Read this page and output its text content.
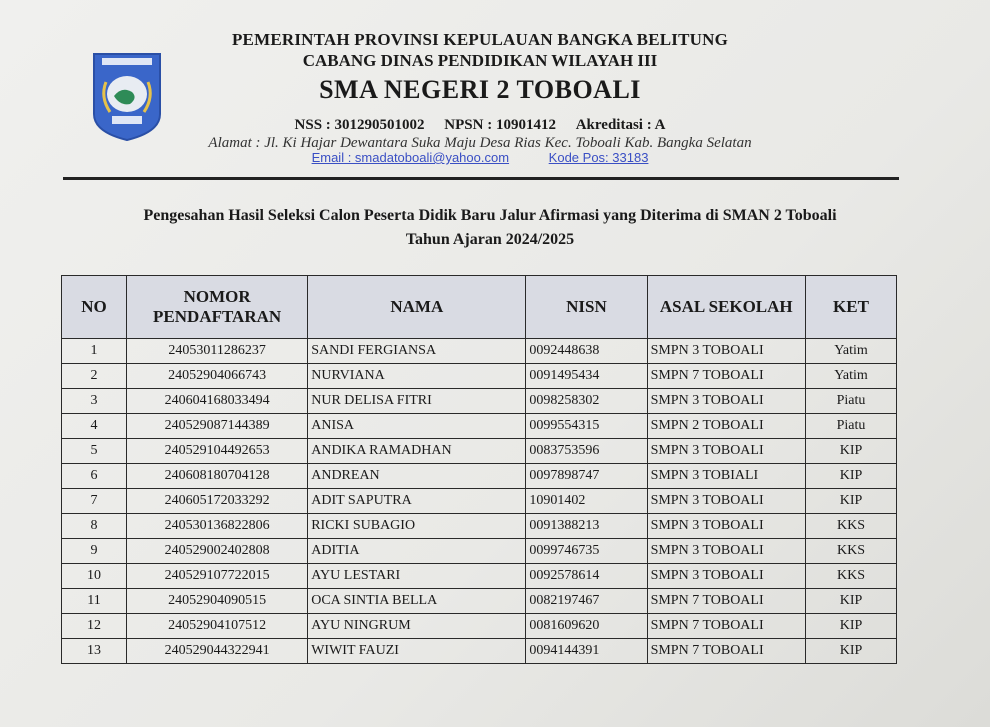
PEMERINTAH PROVINSI KEPULAUAN BANGKA BELITUNG
CABANG DINAS PENDIDIKAN WILAYAH III
SMA NEGERI 2 TOBOALI
NSS : 301290501002 NPSN : 10901412 Akreditasi : A
Alamat : Jl. Ki Hajar Dewantara Suka Maju Desa Rias Kec. Toboali Kab. Bangka Selatan
Email : smadatoboali@yahoo.com	Kode Pos: 33183
Pengesahan Hasil Seleksi Calon Peserta Didik Baru Jalur Afirmasi yang Diterima di SMAN 2 Toboali
Tahun Ajaran 2024/2025
NO	NOMOR PENDAFTARAN	NAMA	NISN	ASAL SEKOLAH	KET
1	24053011286237	SANDI FERGIANSA	0092448638	SMPN 3 TOBOALI	Yatim
2	24052904066743	NURVIANA	0091495434	SMPN 7 TOBOALI	Yatim
3	240604168033494	NUR DELISA FITRI	0098258302	SMPN 3 TOBOALI	Piatu
4	240529087144389	ANISA	0099554315	SMPN 2 TOBOALI	Piatu
5	240529104492653	ANDIKA RAMADHAN	0083753596	SMPN 3 TOBOALI	KIP
6	240608180704128	ANDREAN	0097898747	SMPN 3 TOBIALI	KIP
7	240605172033292	ADIT SAPUTRA	10901402	SMPN 3 TOBOALI	KIP
8	240530136822806	RICKI SUBAGIO	0091388213	SMPN 3 TOBOALI	KKS
9	240529002402808	ADITIA	0099746735	SMPN 3 TOBOALI	KKS
10	240529107722015	AYU LESTARI	0092578614	SMPN 3 TOBOALI	KKS
11	24052904090515	OCA SINTIA BELLA	0082197467	SMPN 7 TOBOALI	KIP
12	24052904107512	AYU NINGRUM	0081609620	SMPN 7 TOBOALI	KIP
13	240529044322941	WIWIT FAUZI	0094144391	SMPN 7 TOBOALI	KIP
